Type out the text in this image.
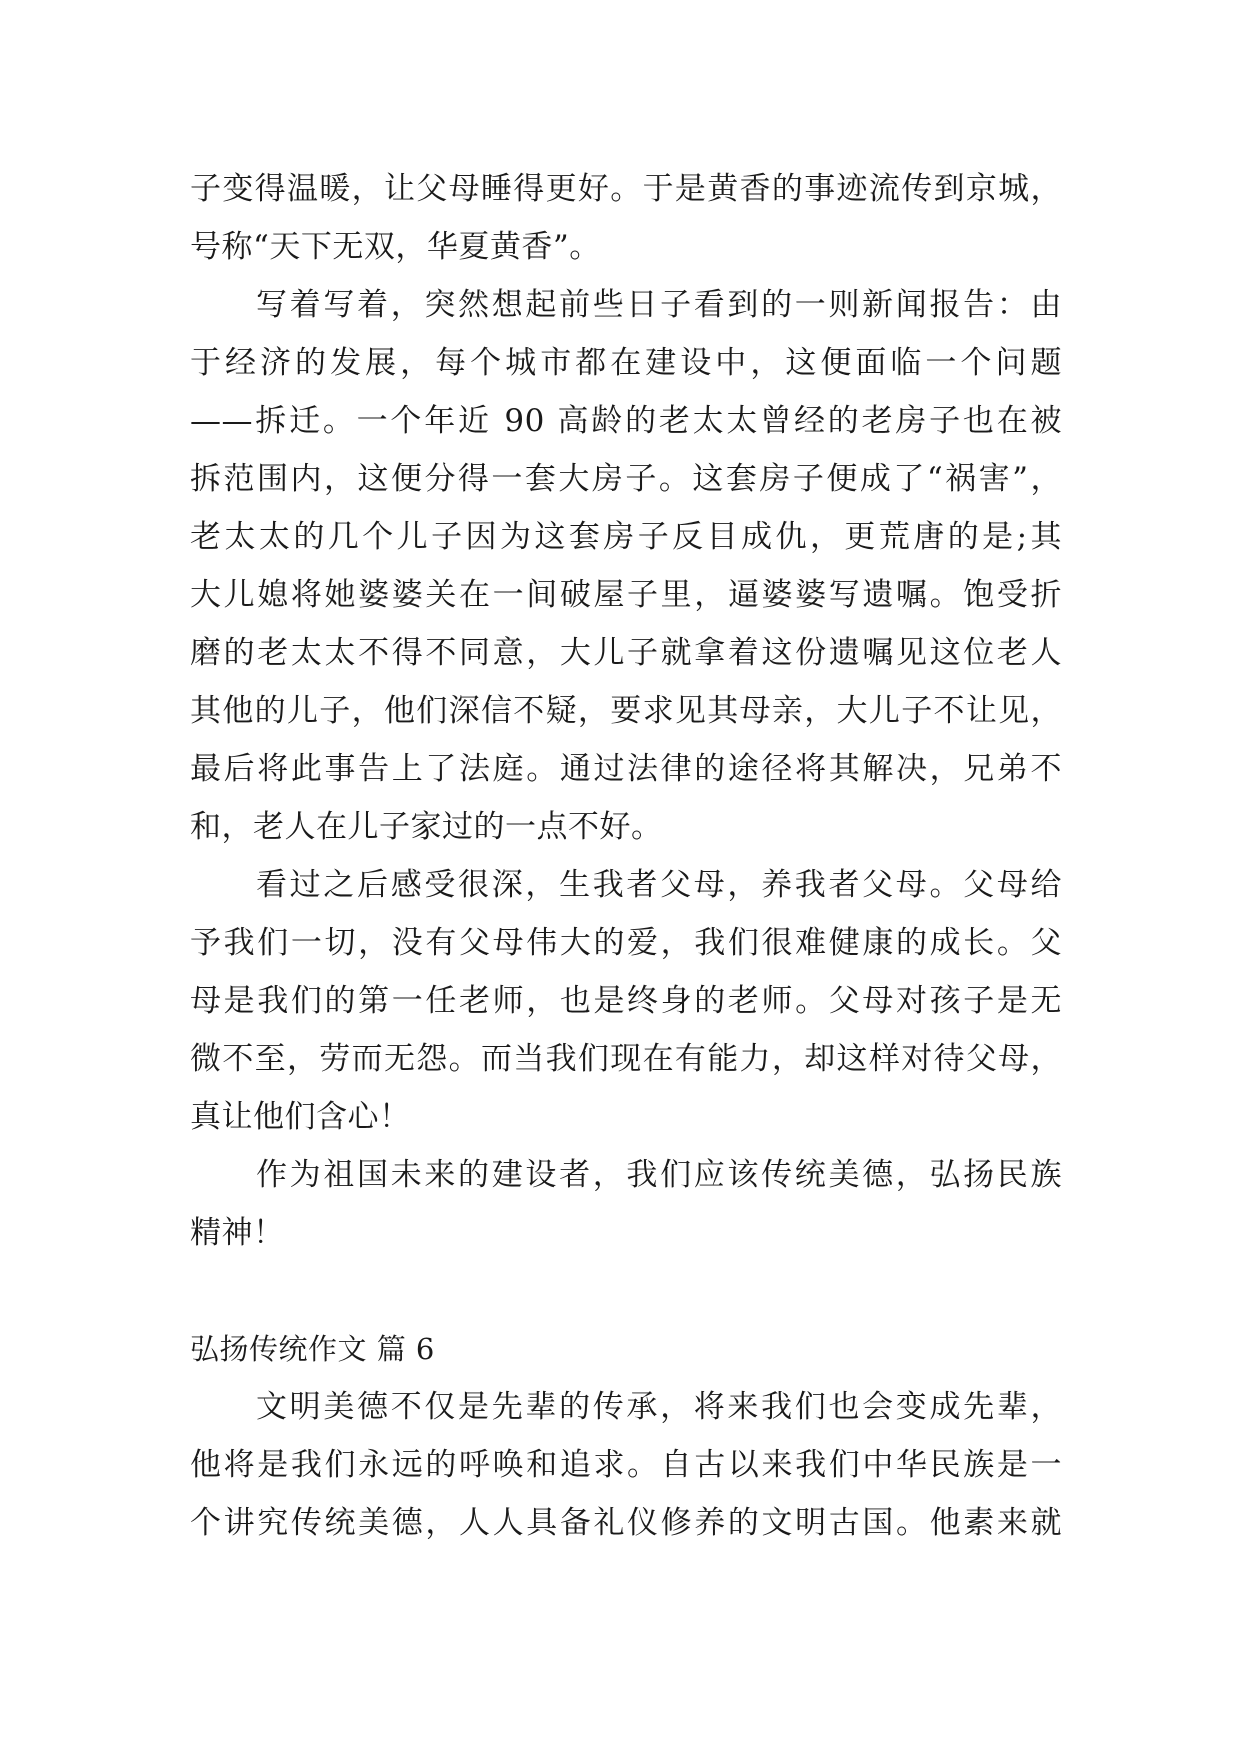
子变得温暖，让父母睡得更好。于是黄香的事迹流传到京城，
号称“天下无双，华夏黄香”。
写着写着，突然想起前些日子看到的一则新闻报告：由
于经济的发展，每个城市都在建设中，这便面临一个问题
——拆迁。一个年近 90 高龄的老太太曾经的老房子也在被
拆范围内，这便分得一套大房子。这套房子便成了“祸害”，
老太太的几个儿子因为这套房子反目成仇，更荒唐的是;其
大儿媳将她婆婆关在一间破屋子里，逼婆婆写遗嘱。饱受折
磨的老太太不得不同意，大儿子就拿着这份遗嘱见这位老人
其他的儿子，他们深信不疑，要求见其母亲，大儿子不让见，
最后将此事告上了法庭。通过法律的途径将其解决，兄弟不
和，老人在儿子家过的一点不好。
看过之后感受很深，生我者父母，养我者父母。父母给
予我们一切，没有父母伟大的爱，我们很难健康的成长。父
母是我们的第一任老师，也是终身的老师。父母对孩子是无
微不至，劳而无怨。而当我们现在有能力，却这样对待父母，
真让他们含心！
作为祖国未来的建设者，我们应该传统美德，弘扬民族
精神！
弘扬传统作文 篇 6
文明美德不仅是先辈的传承，将来我们也会变成先辈，
他将是我们永远的呼唤和追求。自古以来我们中华民族是一
个讲究传统美德，人人具备礼仪修养的文明古国。他素来就
